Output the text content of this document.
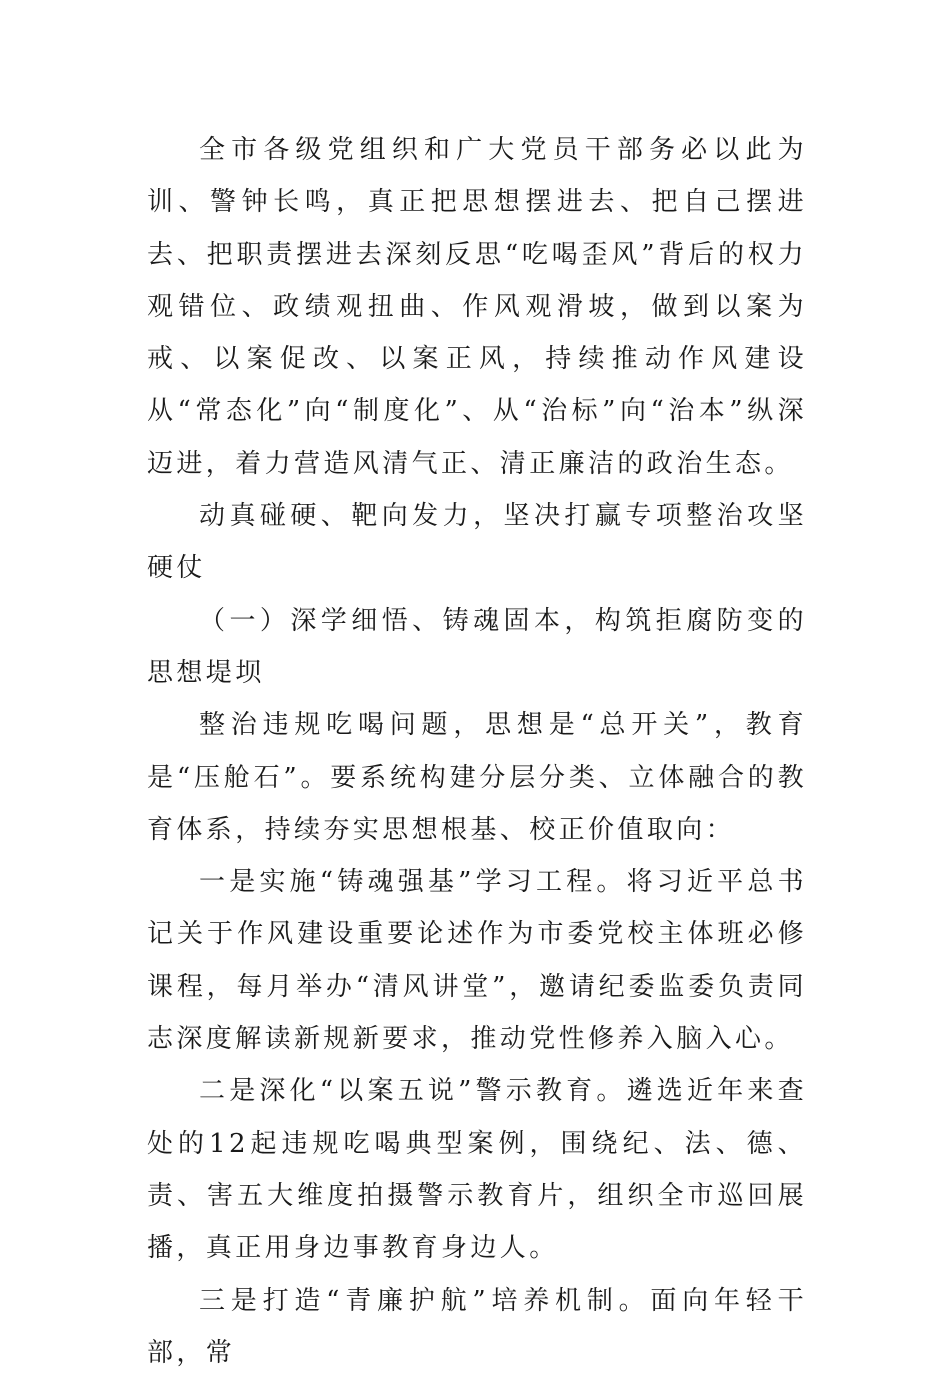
全市各级党组织和广大党员干部务必以此为训、警钟长鸣，真正把思想摆进去、把自己摆进去、把职责摆进去深刻反思“吃喝歪风”背后的权力观错位、政绩观扭曲、作风观滑坡，做到以案为戒、以案促改、以案正风，持续推动作风建设从“常态化”向“制度化”、从“治标”向“治本”纵深迈进，着力营造风清气正、清正廉洁的政治生态。

动真碰硬、靶向发力，坚决打赢专项整治攻坚硬仗

（一）深学细悟、铸魂固本，构筑拒腐防变的思想堤坝

整治违规吃喝问题，思想是“总开关”，教育是“压舱石”。要系统构建分层分类、立体融合的教育体系，持续夯实思想根基、校正价值取向：

一是实施“铸魂强基”学习工程。将习近平总书记关于作风建设重要论述作为市委党校主体班必修课程，每月举办“清风讲堂”，邀请纪委监委负责同志深度解读新规新要求，推动党性修养入脑入心。

二是深化“以案五说”警示教育。遴选近年来查处的12起违规吃喝典型案例，围绕纪、法、德、责、害五大维度拍摄警示教育片，组织全市巡回展播，真正用身边事教育身边人。

三是打造“青廉护航”培养机制。面向年轻干部，常
